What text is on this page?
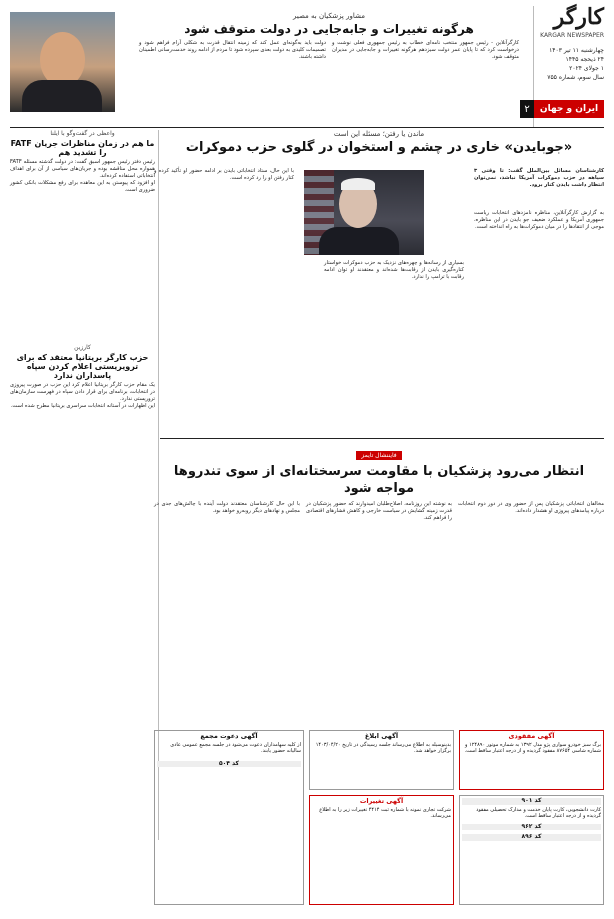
کارگر
KARGAR NEWSPAPER
چهارشنبه ۱۱ تیر ۱۴۰۳
۲۴ ذیحجه ۱۴۴۵
۱ جولای ۲۰۲۴
سال سوم، شماره ۷۵۵
ایران و جهان
۲
مشاور پزشکیان به مصیر
هرگونه تغییرات و جابه‌جایی در دولت متوقف شود
کارگرآنلاین - رئیس جمهور منتخب نامه‌ای خطاب به رئیس جمهوری فعلی نوشت و درخواست کرد که تا پایان عمر دولت سیزدهم هرگونه تغییرات و جابه‌جایی در مدیران متوقف شود.
دولت باید به‌گونه‌ای عمل کند که زمینه انتقال قدرت به شکلی آرام فراهم شود و تصمیمات کلیدی به دولت بعدی سپرده شود تا مردم از ادامه روند خدمت‌رسانی اطمینان داشته باشند.
ماندن یا رفتن؛ مسئله این است
«جوبایدن» خاری در چشم و استخوان در گلوی حزب دموکرات
کارشناسان مسائل بین‌الملل گفت: تا وقتی ۳ سیاهه در حزب دموکرات آمریکا نباشد، نمی‌توان انتظار داشت بایدن کنار برود.
به گزارش کارگرآنلاین، مناظره نامزدهای انتخابات ریاست جمهوری آمریکا و عملکرد ضعیف جو بایدن در این مناظره، موجی از انتقادها را در میان دموکرات‌ها به راه انداخته است.
بسیاری از رسانه‌ها و چهره‌های نزدیک به حزب دموکرات خواستار کناره‌گیری بایدن از رقابت‌ها شده‌اند و معتقدند او توان ادامه رقابت با ترامپ را ندارد.
با این حال، ستاد انتخاباتی بایدن بر ادامه حضور او تأکید کرده و کنار رفتن او را رد کرده است.
واعظی در گفت‌وگو با ایلنا
ما هم در زمان مناظرات جریان FATF را تشدید هم
رئیس دفتر رئیس جمهور اسبق گفت: در دولت گذشته مسئله FATF همواره محل مناقشه بوده و جریان‌های سیاسی از آن برای اهداف انتخاباتی استفاده کرده‌اند.
او افزود که پیوستن به این معاهده برای رفع مشکلات بانکی کشور ضروری است.
کارزین
حزب کارگر بریتانیا معتقد که برای ترویریستی اعلام کردن سپاه پاسداران ندارد
یک مقام حزب کارگر بریتانیا اعلام کرد این حزب در صورت پیروزی در انتخابات، برنامه‌ای برای قرار دادن سپاه در فهرست سازمان‌های تروریستی ندارد.
این اظهارات در آستانه انتخابات سراسری بریتانیا مطرح شده است.
فایننشال تایمز
انتظار می‌رود پزشکیان با مقاومت سرسختانه‌ای از سوی تندروها مواجه شود
مخالفان انتخاباتی پزشکیان پس از حضور وی در دور دوم انتخابات درباره پیامدهای پیروزی او هشدار داده‌اند.
به نوشته این روزنامه، اصلاح‌طلبان امیدوارند که حضور پزشکیان در قدرت زمینه گشایش در سیاست خارجی و کاهش فشارهای اقتصادی را فراهم کند.
با این حال کارشناسان معتقدند دولت آینده با چالش‌های جدی در مجلس و نهادهای دیگر روبه‌رو خواهد بود.
آگهی مفقودی
برگ سبز خودرو سواری پژو مدل ۱۳۹۲ به شماره موتور ۱۲۴۸۹۰ و شماره شاسی ۸۷۶۵۴ مفقود گردیده و از درجه اعتبار ساقط است.
آگهی ابلاغ
بدینوسیله به اطلاع می‌رساند جلسه رسیدگی در تاریخ ۱۴۰۳/۰۴/۲۰ برگزار خواهد شد.
آگهی تغییرات
شرکت تجاری نمونه با شماره ثبت ۴۴۱۴ تغییرات زیر را به اطلاع می‌رساند.
آگهی دعوت مجمع
از کلیه سهامداران دعوت می‌شود در جلسه مجمع عمومی عادی سالیانه حضور یابند.
کد ۵۰۴
کد ۹۰۱
کارت دانشجویی، کارت پایان خدمت و مدارک تحصیلی مفقود گردیده و از درجه اعتبار ساقط است.
کد ۹۶۲
کد ۸۹۶
